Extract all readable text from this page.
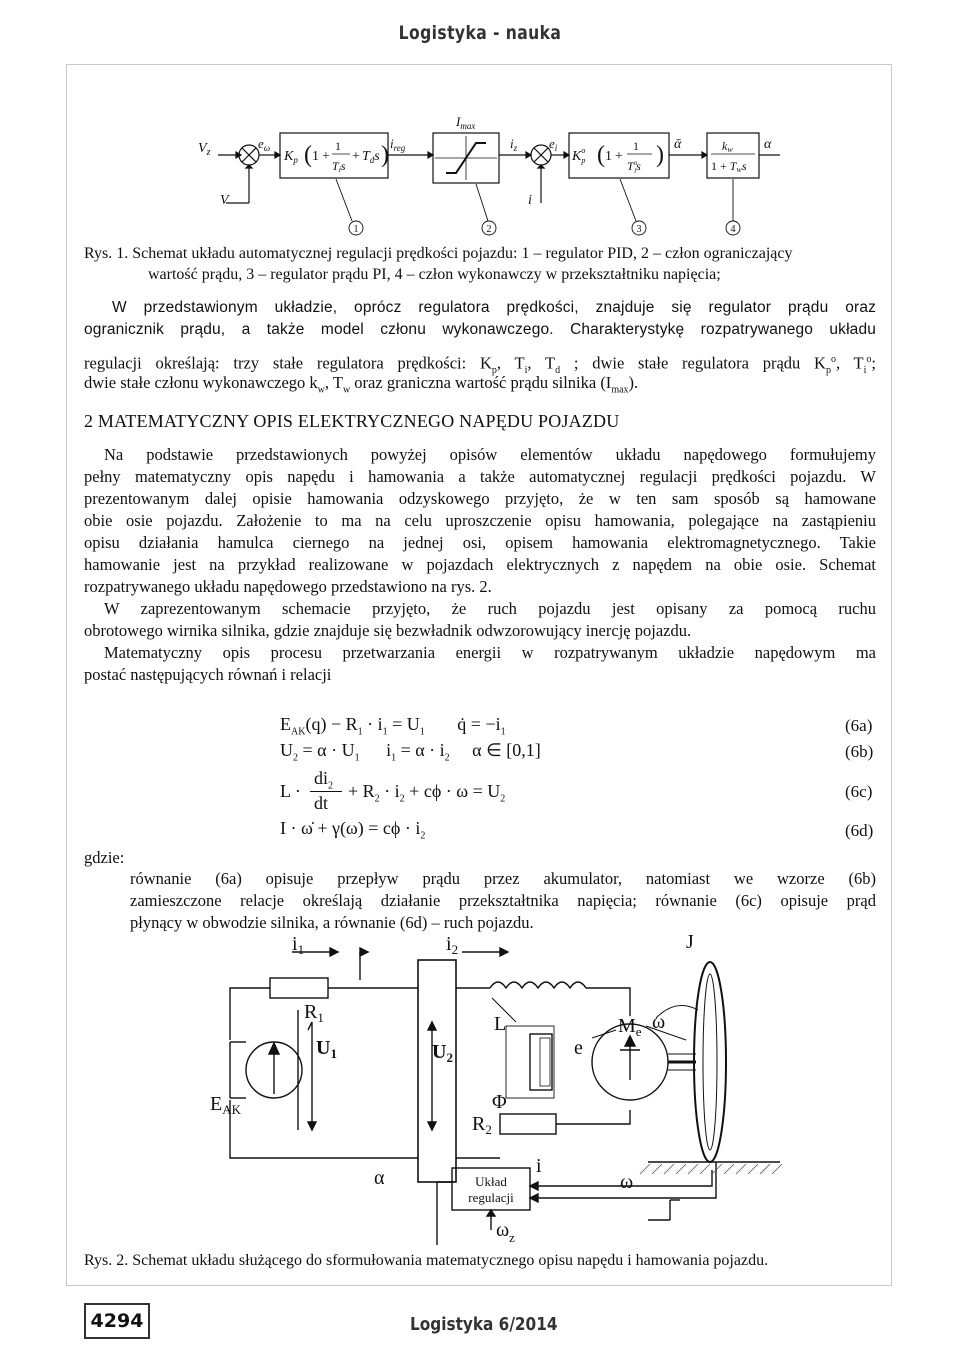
Logistyka - nauka
$V_z$
V
$e_\omega$	$i_{reg}$
$I_{max}$
$i_z$ $e_i$
i
ᾱ	α
$K_p$ ( 1 +
1
Tis
+ $T_ds$ )	$K^o$ p ( 1 +
1
$T^o$ is )	kw
1 + Tws
1	2	3	4
Rys. 1. Schemat układu automatycznej regulacji prędkości pojazdu: 1 – regulator PID, 2 – człon ograniczający
wartość prądu, 3 – regulator prądu PI, 4 – człon wykonawczy w przekształtniku napięcia;

W przedstawionym układzie, oprócz regulatora prędkości, znajduje się regulator prądu oraz

ogranicznik prądu, a także model członu wykonawczego. Charakterystykę rozpatrywanego układu

regulacji określają: trzy stałe regulatora prędkości: $K_p$, $T_i$, $T_d$ ; dwie stałe regulatora prądu $K_p^o$, $T_i^o$;
dwie stałe członu wykonawczego $k_w$, $T_w$ oraz graniczna wartość prądu silnika $(I_{max})$.
2 MATEMATYCZNY OPIS ELEKTRYCZNEGO NAPĘDU POJAZDU

Na podstawie przedstawionych powyżej opisów elementów układu napędowego formułujemy

pełny matematyczny opis napędu i hamowania a także automatycznej regulacji prędkości pojazdu. W

prezentowanym dalej opisie hamowania odzyskowego przyjęto, że w ten sam sposób są hamowane

obie osie pojazdu. Założenie to ma na celu uproszczenie opisu hamowania, polegające na zastąpieniu

opisu działania hamulca ciernego na jednej osi, opisem hamowania elektromagnetycznego. Takie

hamowanie jest na przykład realizowane w pojazdach elektrycznych z napędem na obie osie. Schemat

rozpatrywanego układu napędowego przedstawiono na rys. 2.

W zaprezentowanym schemacie przyjęto, że ruch pojazdu jest opisany za pomocą ruchu

obrotowego wirnika silnika, gdzie znajduje się bezwładnik odwzorowujący inercję pojazdu.

Matematyczny opis procesu przetwarzania energii w rozpatrywanym układzie napędowym ma

postać następujących równań i relacji

$E_{AK}(q) - R_1 \cdot i_1 = U_1$ q̇ = $-i_1$	(6a)
$U_2 = \alpha \cdot U_1$ $i_1 = \alpha \cdot i_2$ α ∈ [0,1]	(6b)
L ·
$di_2$
dt
+ $R_2 \cdot i_2 + c\phi \cdot \omega = U_2$	(6c)
I · ω̇ + $\gamma(\omega) = c\phi \cdot i_2$	(6d)
gdzie:

równanie (6a) opisuje przepływ prądu przez akumulator, natomiast we wzorze (6b)

zamieszczone relacje określają działanie przekształtnika napięcia; równanie (6c) opisuje prąd

płynący w obwodzie silnika, a równanie (6d) – ruch pojazdu.

$i_1$	$i_2$	J
$R_1$
$U_1$	$U_2$
L	$M_e$ ω
e
Φ
$R_2$
i
$E_{AK}$
α	ω
$\omega_z$
Układ
regulacji
Rys. 2. Schemat układu służącego do sformułowania matematycznego opisu napędu i hamowania pojazdu.
4294	Logistyka 6/2014
